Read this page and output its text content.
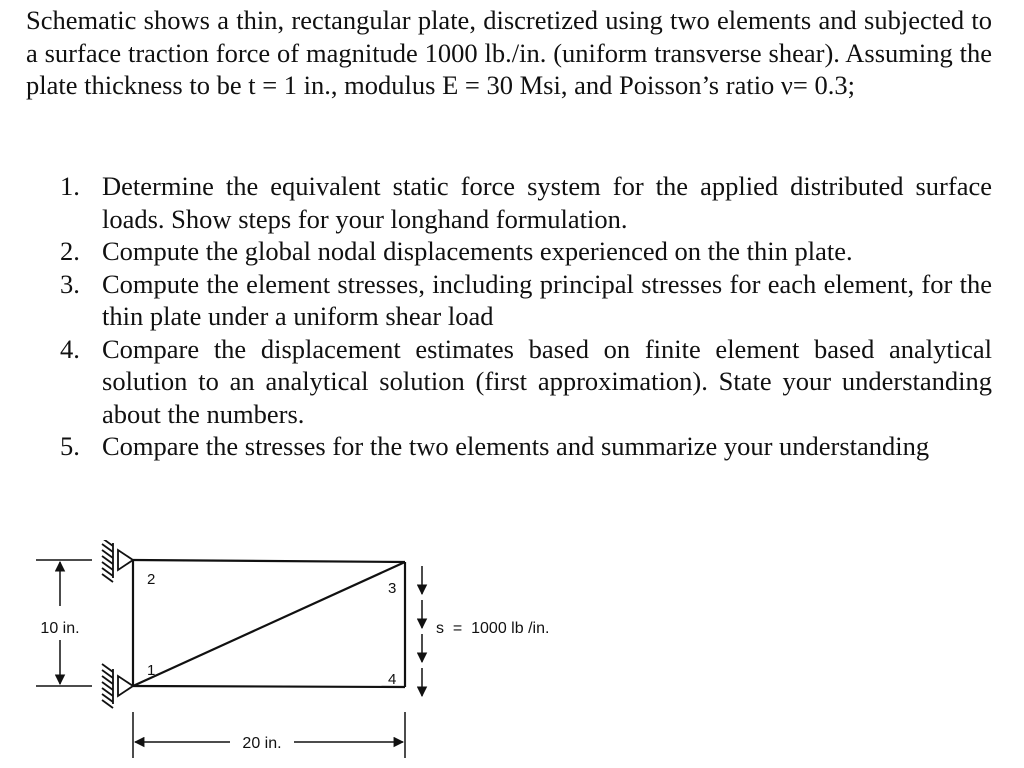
Schematic shows a thin, rectangular plate, discretized using two elements and subjected to a surface traction force of magnitude 1000 lb./in. (uniform transverse shear). Assuming the plate thickness to be t = 1 in., modulus E = 30 Msi, and Poisson’s ratio ν= 0.3;

1. Determine the equivalent static force system for the applied distributed surface loads. Show steps for your longhand formulation.
2. Compute the global nodal displacements experienced on the thin plate.
3. Compute the element stresses, including principal stresses for each element, for the thin plate under a uniform shear load
4. Compare the displacement estimates based on finite element based analytical solution to an analytical solution (first approximation). State your understanding about the numbers.
5. Compare the stresses for the two elements and summarize your understanding
2
1
3
4
10 in.
20 in.
s  =  1000 lb /in.
